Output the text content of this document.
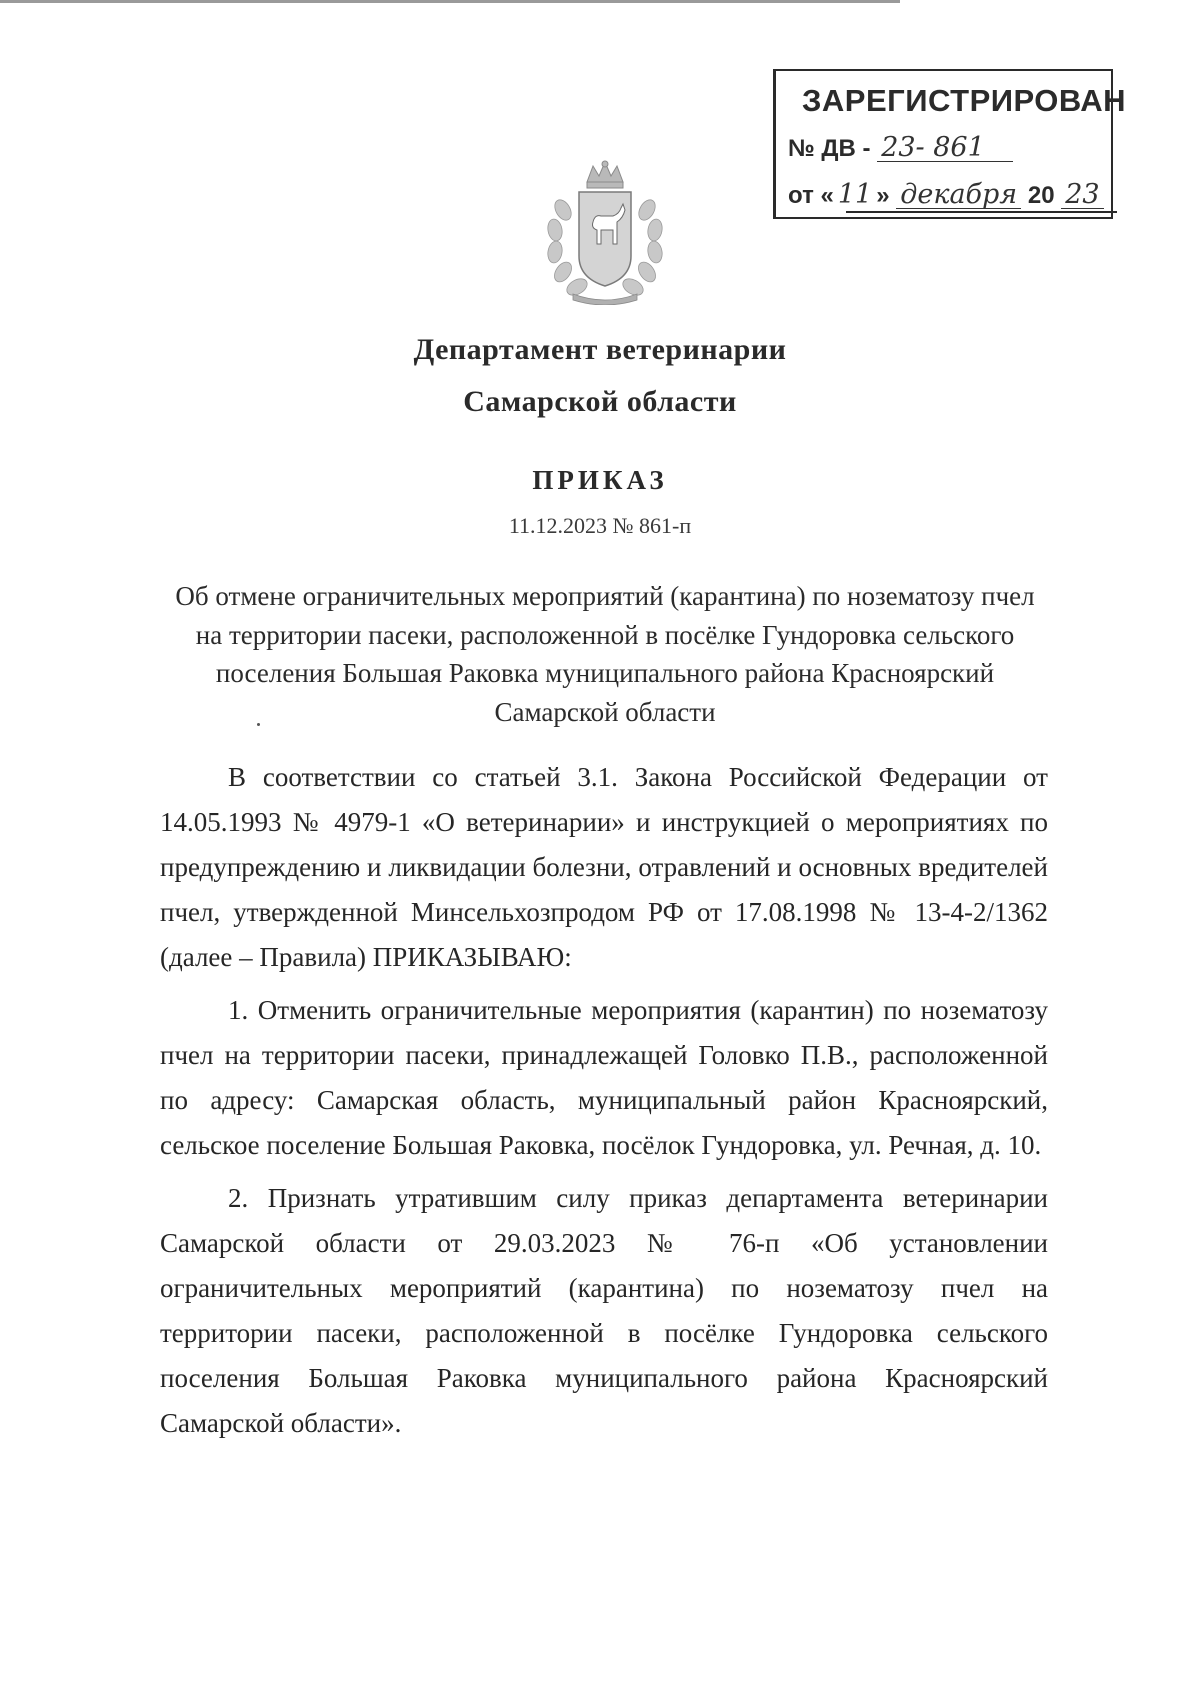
ЗАРЕГИСТРИРОВАН
№ ДВ - 23- 861
от « 11 » декабря 20 23
Департамент ветеринарии
Самарской области
ПРИКАЗ
11.12.2023 № 861-п
Об отмене ограничительных мероприятий (карантина) по нозематозу пчел на территории пасеки, расположенной в посёлке Гундоровка сельского поселения Большая Раковка муниципального района Красноярский Самарской области

В соответствии со статьей 3.1. Закона Российской Федерации от 14.05.1993 № 4979-1 «О ветеринарии» и инструкцией о мероприятиях по предупреждению и ликвидации болезни, отравлений и основных вредителей пчел, утвержденной Минсельхозпродом РФ от 17.08.1998 № 13-4-2/1362 (далее – Правила) ПРИКАЗЫВАЮ:

1. Отменить ограничительные мероприятия (карантин) по нозематозу пчел на территории пасеки, принадлежащей Головко П.В., расположенной по адресу: Самарская область, муниципальный район Красноярский, сельское поселение Большая Раковка, посёлок Гундоровка, ул. Речная, д. 10.

2. Признать утратившим силу приказ департамента ветеринарии Самарской области от 29.03.2023 № 76-п «Об установлении ограничительных мероприятий (карантина) по нозематозу пчел на территории пасеки, расположенной в посёлке Гундоровка сельского поселения Большая Раковка муниципального района Красноярский Самарской области».
